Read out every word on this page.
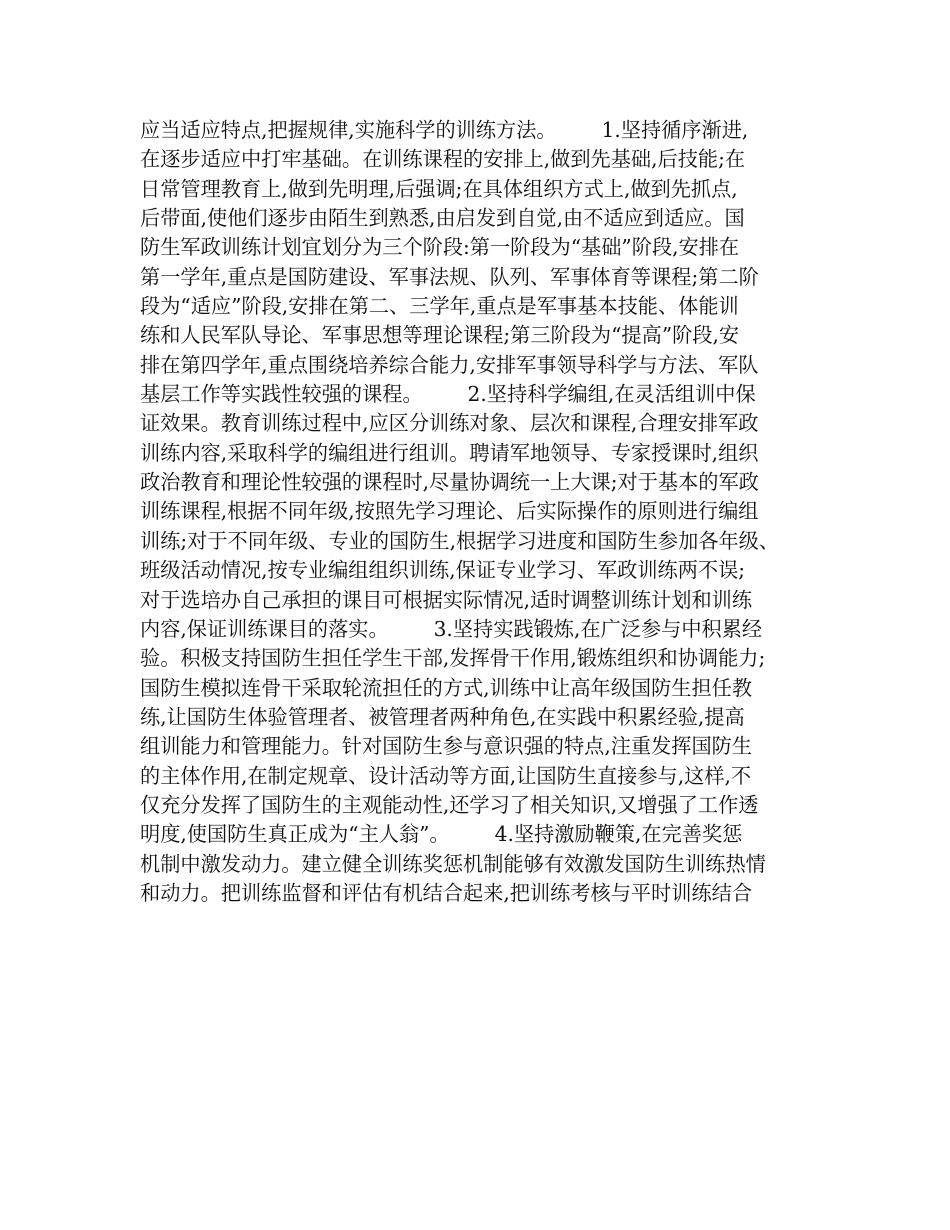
应当适应特点,把握规律,实施科学的训练方法。       1.坚持循序渐进,
在逐步适应中打牢基础。在训练课程的安排上,做到先基础,后技能;在
日常管理教育上,做到先明理,后强调;在具体组织方式上,做到先抓点,
后带面,使他们逐步由陌生到熟悉,由启发到自觉,由不适应到适应。国
防生军政训练计划宜划分为三个阶段:第一阶段为“基础”阶段,安排在
第一学年,重点是国防建设、军事法规、队列、军事体育等课程;第二阶
段为“适应”阶段,安排在第二、三学年,重点是军事基本技能、体能训
练和人民军队导论、军事思想等理论课程;第三阶段为“提高”阶段,安
排在第四学年,重点围绕培养综合能力,安排军事领导科学与方法、军队
基层工作等实践性较强的课程。       2.坚持科学编组,在灵活组训中保
证效果。教育训练过程中,应区分训练对象、层次和课程,合理安排军政
训练内容,采取科学的编组进行组训。聘请军地领导、专家授课时,组织
政治教育和理论性较强的课程时,尽量协调统一上大课;对于基本的军政
训练课程,根据不同年级,按照先学习理论、后实际操作的原则进行编组
训练;对于不同年级、专业的国防生,根据学习进度和国防生参加各年级、
班级活动情况,按专业编组组织训练,保证专业学习、军政训练两不误;
对于选培办自己承担的课目可根据实际情况,适时调整训练计划和训练
内容,保证训练课目的落实。       3.坚持实践锻炼,在广泛参与中积累经
验。积极支持国防生担任学生干部,发挥骨干作用,锻炼组织和协调能力;
国防生模拟连骨干采取轮流担任的方式,训练中让高年级国防生担任教
练,让国防生体验管理者、被管理者两种角色,在实践中积累经验,提高
组训能力和管理能力。针对国防生参与意识强的特点,注重发挥国防生
的主体作用,在制定规章、设计活动等方面,让国防生直接参与,这样,不
仅充分发挥了国防生的主观能动性,还学习了相关知识,又增强了工作透
明度,使国防生真正成为“主人翁”。       4.坚持激励鞭策,在完善奖惩
机制中激发动力。建立健全训练奖惩机制能够有效激发国防生训练热情
和动力。把训练监督和评估有机结合起来,把训练考核与平时训练结合
